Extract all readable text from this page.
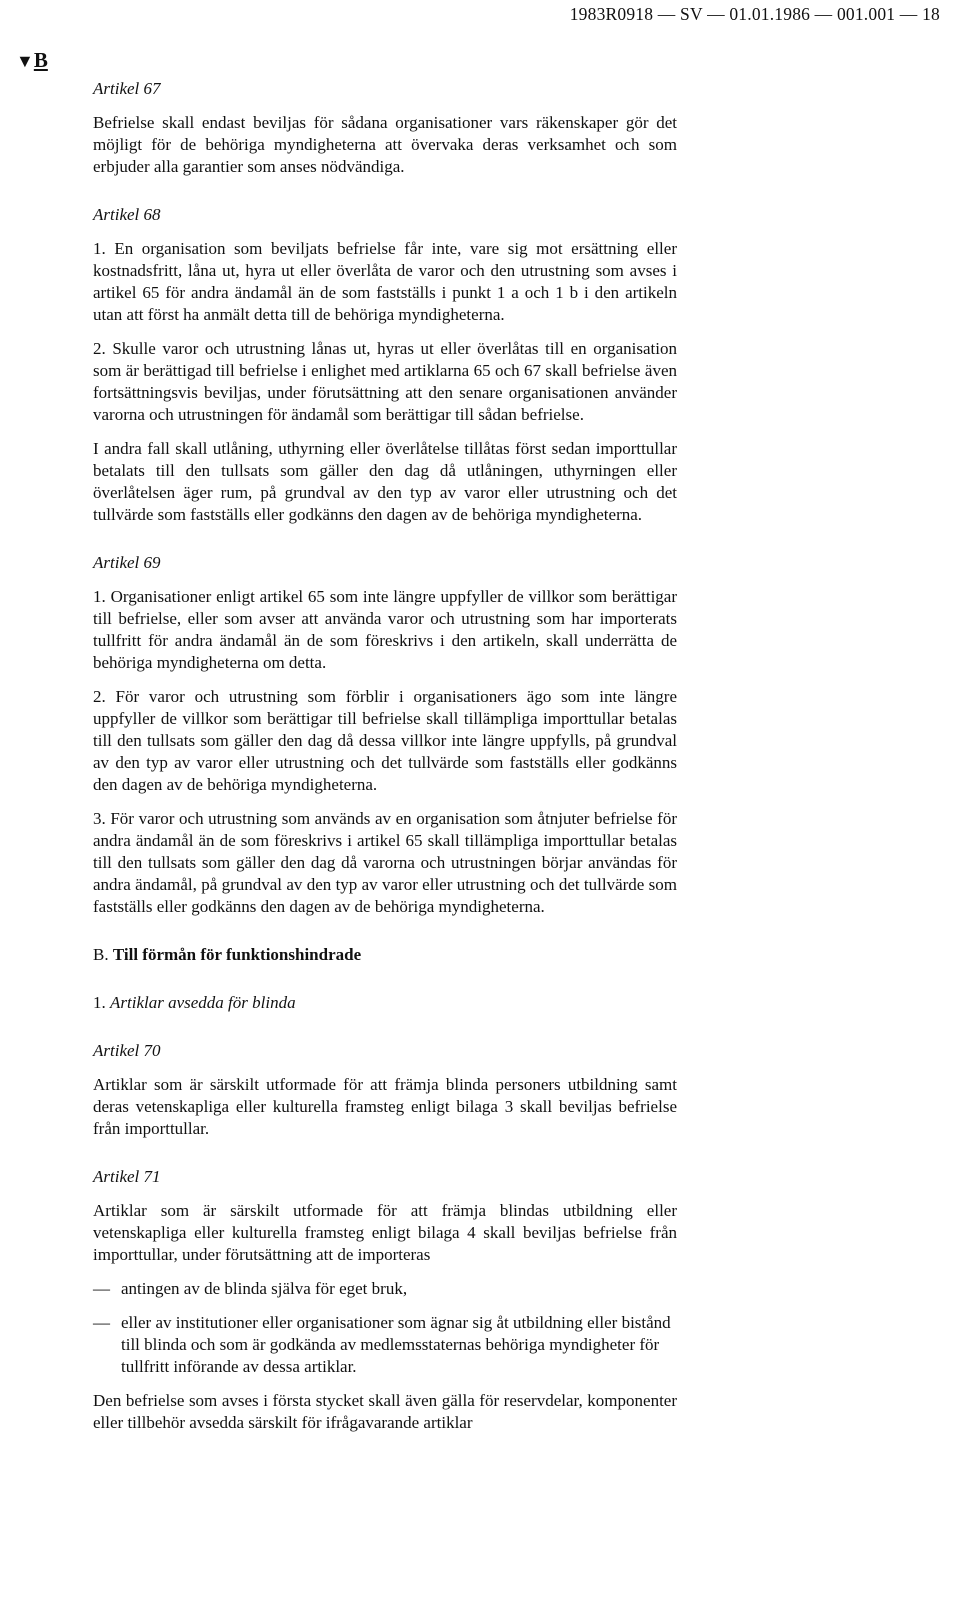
1983R0918 — SV — 01.01.1986 — 001.001 — 18
▼B

Artikel 67

Befrielse skall endast beviljas för sådana organisationer vars räkenskaper gör det möjligt för de behöriga myndigheterna att övervaka deras verksamhet och som erbjuder alla garantier som anses nödvändiga.

Artikel 68

1. En organisation som beviljats befrielse får inte, vare sig mot ersättning eller kostnadsfritt, låna ut, hyra ut eller överlåta de varor och den utrustning som avses i artikel 65 för andra ändamål än de som fastställs i punkt 1 a och 1 b i den artikeln utan att först ha anmält detta till de behöriga myndigheterna.

2. Skulle varor och utrustning lånas ut, hyras ut eller överlåtas till en organisation som är berättigad till befrielse i enlighet med artiklarna 65 och 67 skall befrielse även fortsättningsvis beviljas, under förutsättning att den senare organisationen använder varorna och utrustningen för ändamål som berättigar till sådan befrielse.

I andra fall skall utlåning, uthyrning eller överlåtelse tillåtas först sedan importtullar betalats till den tullsats som gäller den dag då utlåningen, uthyrningen eller överlåtelsen äger rum, på grundval av den typ av varor eller utrustning och det tullvärde som fastställs eller godkänns den dagen av de behöriga myndigheterna.

Artikel 69

1. Organisationer enligt artikel 65 som inte längre uppfyller de villkor som berättigar till befrielse, eller som avser att använda varor och utrustning som har importerats tullfritt för andra ändamål än de som föreskrivs i den artikeln, skall underrätta de behöriga myndigheterna om detta.

2. För varor och utrustning som förblir i organisationers ägo som inte längre uppfyller de villkor som berättigar till befrielse skall tillämpliga importtullar betalas till den tullsats som gäller den dag då dessa villkor inte längre uppfylls, på grundval av den typ av varor eller utrustning och det tullvärde som fastställs eller godkänns den dagen av de behöriga myndigheterna.

3. För varor och utrustning som används av en organisation som åtnjuter befrielse för andra ändamål än de som föreskrivs i artikel 65 skall tillämpliga importtullar betalas till den tullsats som gäller den dag då varorna och utrustningen börjar användas för andra ändamål, på grundval av den typ av varor eller utrustning och det tullvärde som fastställs eller godkänns den dagen av de behöriga myndigheterna.

B. Till förmån för funktionshindrade

1. Artiklar avsedda för blinda

Artikel 70

Artiklar som är särskilt utformade för att främja blinda personers utbildning samt deras vetenskapliga eller kulturella framsteg enligt bilaga 3 skall beviljas befrielse från importtullar.

Artikel 71

Artiklar som är särskilt utformade för att främja blindas utbildning eller vetenskapliga eller kulturella framsteg enligt bilaga 4 skall beviljas befrielse från importtullar, under förutsättning att de importeras

— antingen av de blinda själva för eget bruk,
— eller av institutioner eller organisationer som ägnar sig åt utbildning eller bistånd till blinda och som är godkända av medlemsstaternas behöriga myndigheter för tullfritt införande av dessa artiklar.

Den befrielse som avses i första stycket skall även gälla för reservdelar, komponenter eller tillbehör avsedda särskilt för ifrågavarande artiklar
